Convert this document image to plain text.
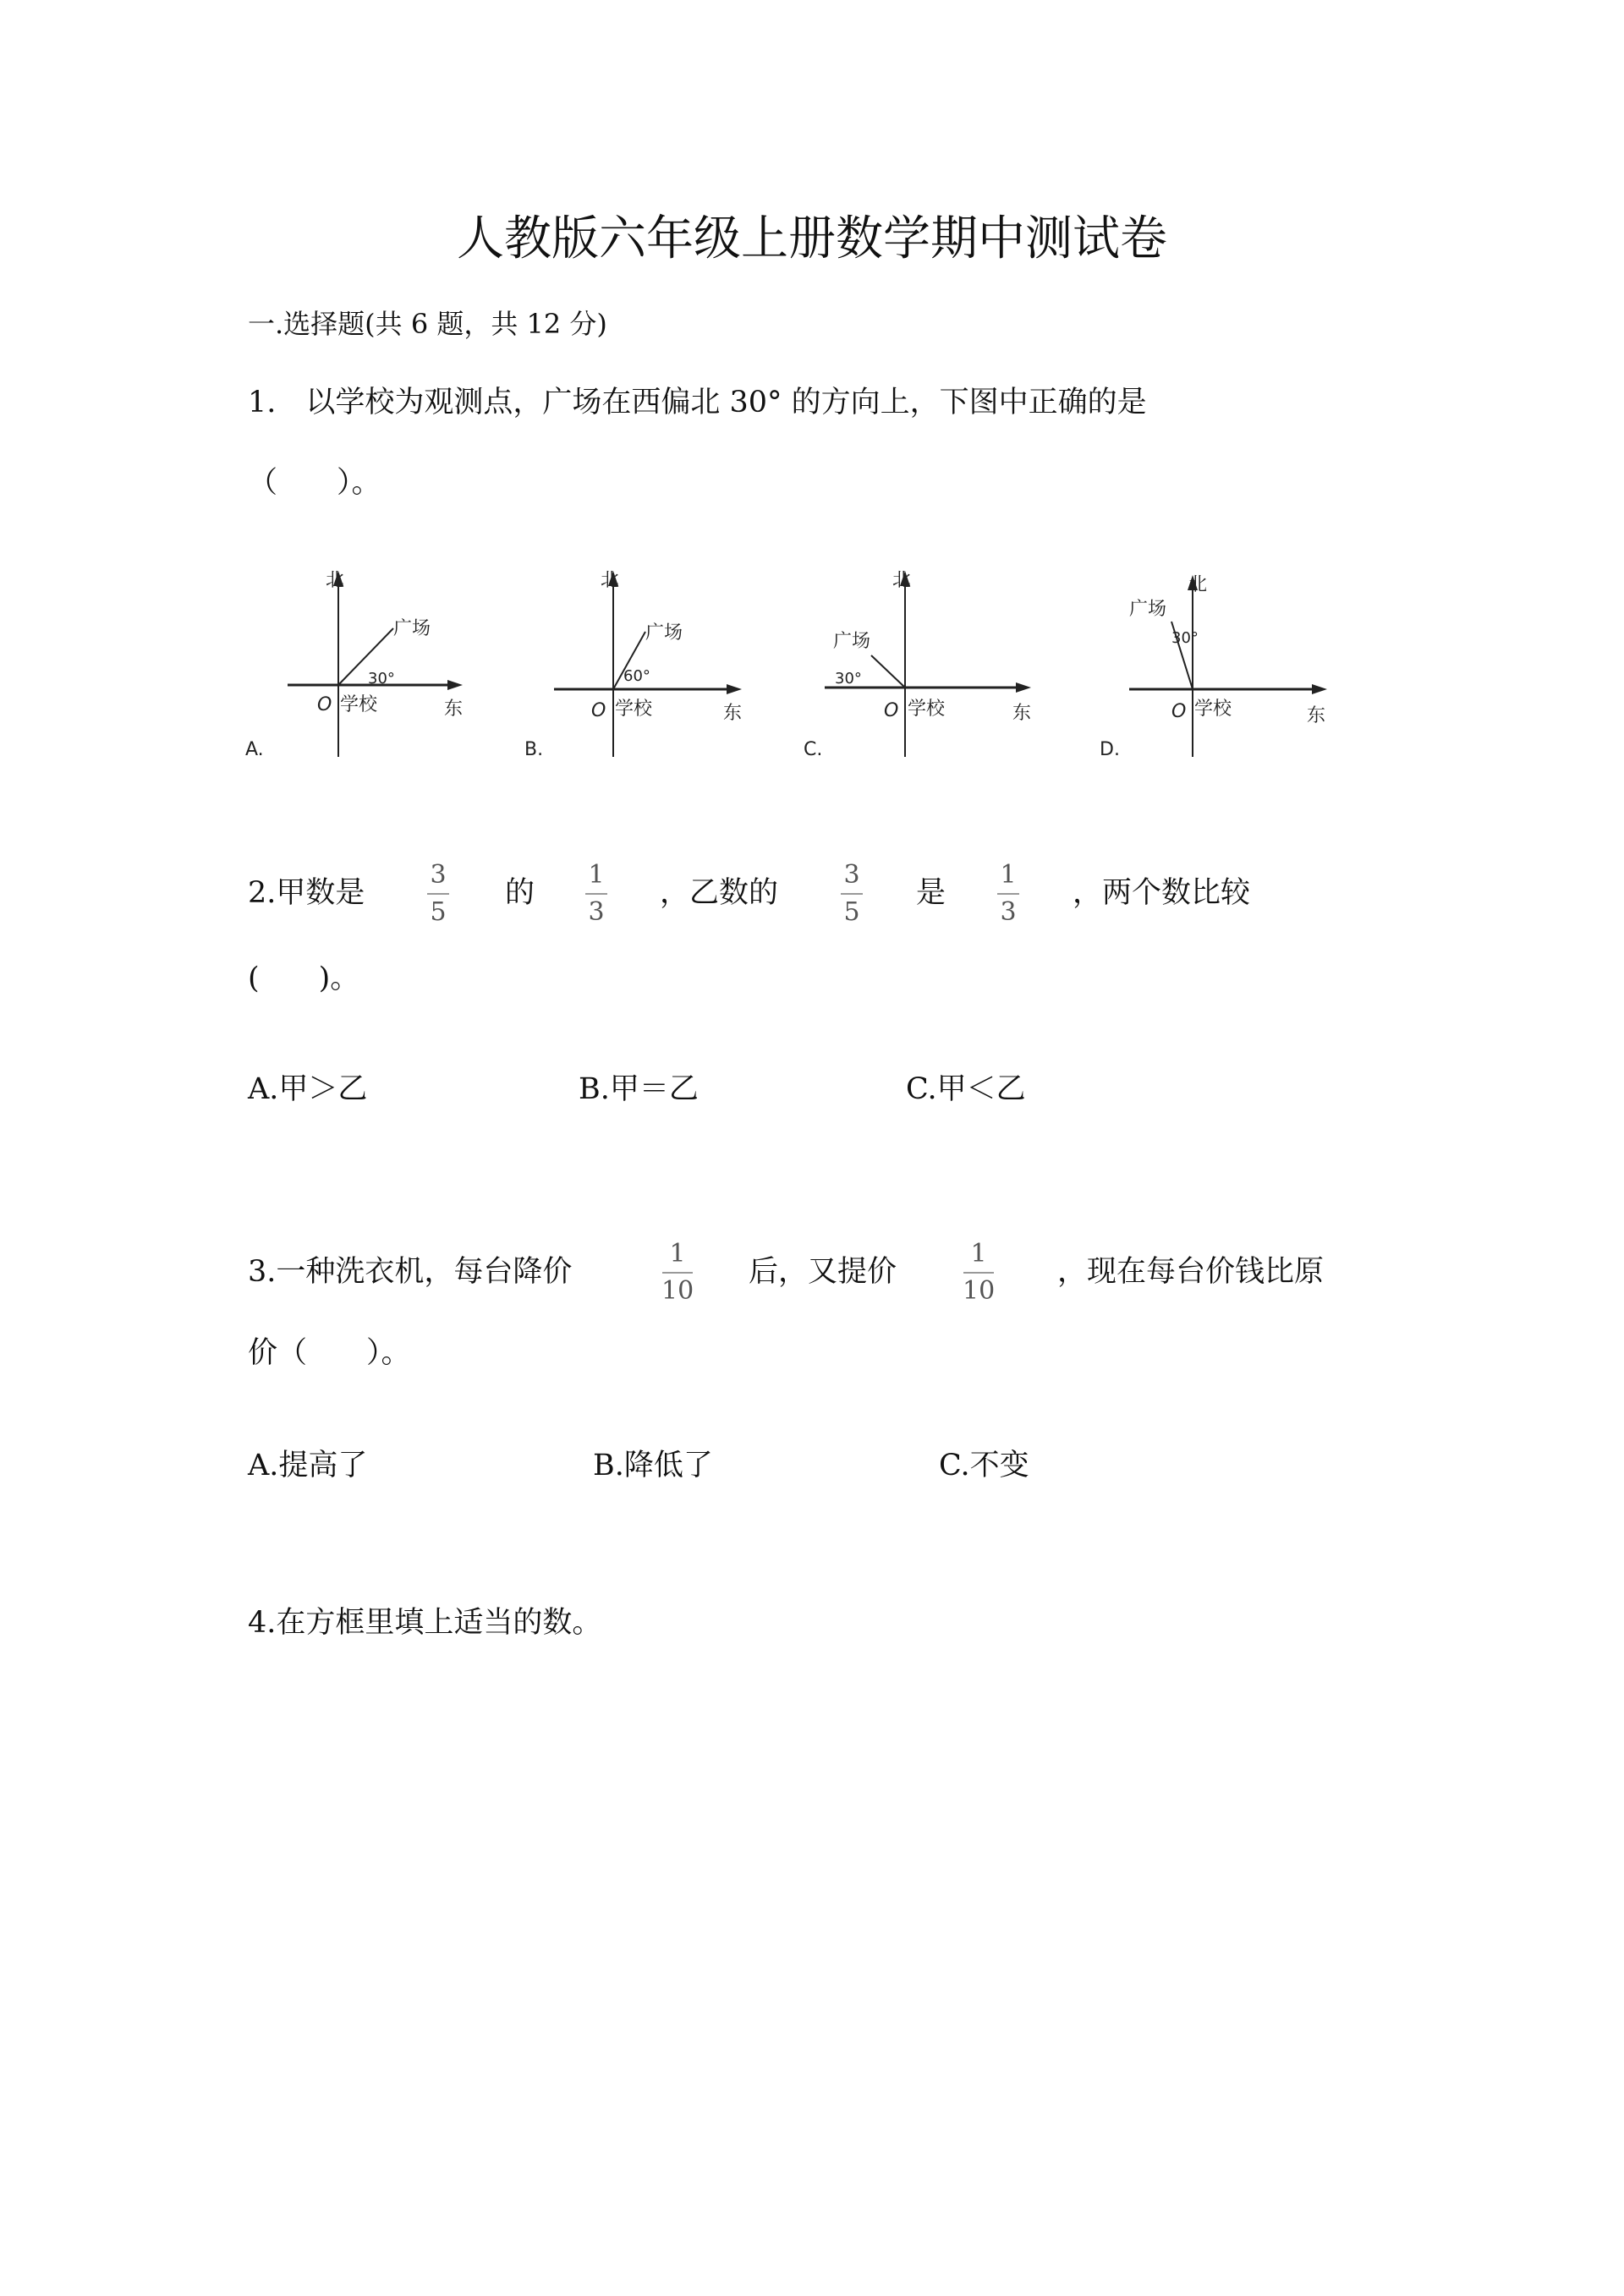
人教版六年级上册数学期中测试卷
一.选择题(共 6 题，共 12 分)
1.　以学校为观测点，广场在西偏北 30° 的方向上，下图中正确的是
（　　）。
北
广场
30°
O 学校	东
A.
北
广场
60°
O 学校	东
B.
北
广场
30°
O 学校	东
C.
北
广场
30°
O 学校	东
D.
2.甲数是
3
5
的
1
3
，乙数的
3
5
是
1
3
，两个数比较
(　　)。
A.甲＞乙	B.甲＝乙	C.甲＜乙
3.一种洗衣机，每台降价
1
10
后，又提价
1
10
，现在每台价钱比原
价（　　）。
A.提高了	B.降低了	C.不变
4.在方框里填上适当的数。
